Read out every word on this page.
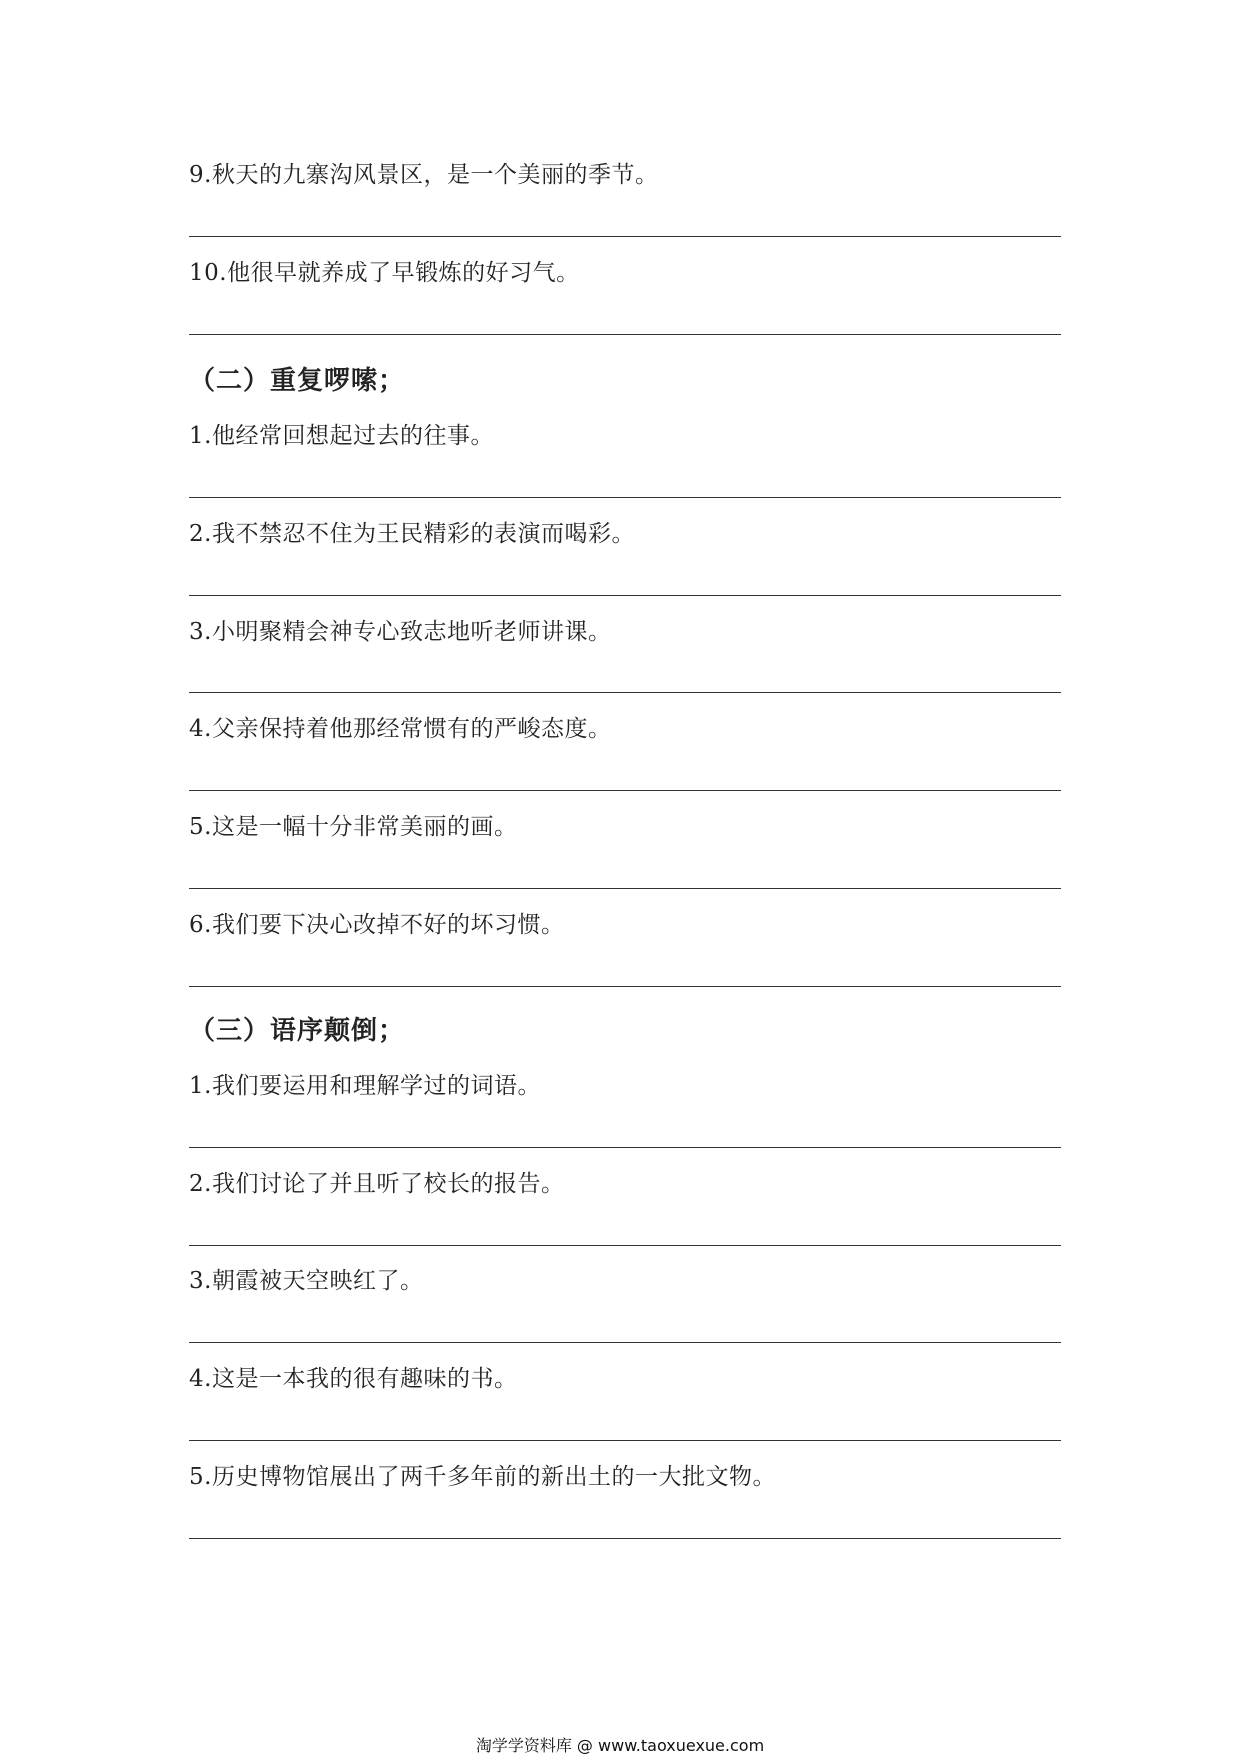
9.秋天的九寨沟风景区，是一个美丽的季节。
10.他很早就养成了早锻炼的好习气。
（二）重复啰嗦；
1.他经常回想起过去的往事。
2.我不禁忍不住为王民精彩的表演而喝彩。
3.小明聚精会神专心致志地听老师讲课。
4.父亲保持着他那经常惯有的严峻态度。
5.这是一幅十分非常美丽的画。
6.我们要下决心改掉不好的坏习惯。
（三）语序颠倒；
1.我们要运用和理解学过的词语。
2.我们讨论了并且听了校长的报告。
3.朝霞被天空映红了。
4.这是一本我的很有趣味的书。
5.历史博物馆展出了两千多年前的新出土的一大批文物。
淘学学资料库 @ www.taoxuexue.com
